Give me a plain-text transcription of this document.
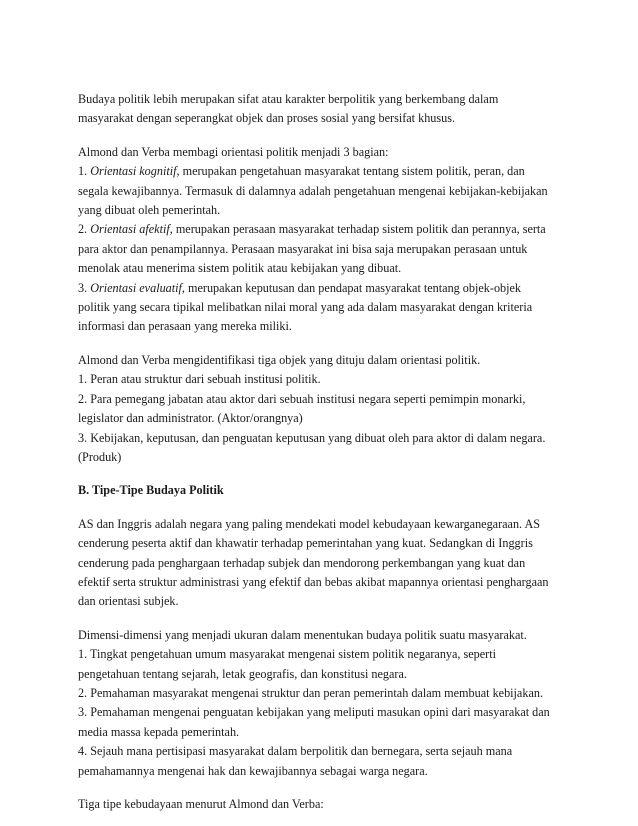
Budaya politik lebih merupakan sifat atau karakter berpolitik yang berkembang dalam
masyarakat dengan seperangkat objek dan proses sosial yang bersifat khusus.

Almond dan Verba membagi orientasi politik menjadi 3 bagian:
1. Orientasi kognitif, merupakan pengetahuan masyarakat tentang sistem politik, peran, dan
segala kewajibannya. Termasuk di dalamnya adalah pengetahuan mengenai kebijakan-kebijakan
yang dibuat oleh pemerintah.
2. Orientasi afektif, merupakan perasaan masyarakat terhadap sistem politik dan perannya, serta
para aktor dan penampilannya. Perasaan masyarakat ini bisa saja merupakan perasaan untuk
menolak atau menerima sistem politik atau kebijakan yang dibuat.
3. Orientasi evaluatif, merupakan keputusan dan pendapat masyarakat tentang objek-objek
politik yang secara tipikal melibatkan nilai moral yang ada dalam masyarakat dengan kriteria
informasi dan perasaan yang mereka miliki.

Almond dan Verba mengidentifikasi tiga objek yang dituju dalam orientasi politik.
1. Peran atau struktur dari sebuah institusi politik.
2. Para pemegang jabatan atau aktor dari sebuah institusi negara seperti pemimpin monarki,
legislator dan administrator. (Aktor/orangnya)
3. Kebijakan, keputusan, dan penguatan keputusan yang dibuat oleh para aktor di dalam negara.
(Produk)

B. Tipe-Tipe Budaya Politik

AS dan Inggris adalah negara yang paling mendekati model kebudayaan kewarganegaraan. AS
cenderung peserta aktif dan khawatir terhadap pemerintahan yang kuat. Sedangkan di Inggris
cenderung pada penghargaan terhadap subjek dan mendorong perkembangan yang kuat dan
efektif serta struktur administrasi yang efektif dan bebas akibat mapannya orientasi penghargaan
dan orientasi subjek.

Dimensi-dimensi yang menjadi ukuran dalam menentukan budaya politik suatu masyarakat.
1. Tingkat pengetahuan umum masyarakat mengenai sistem politik negaranya, seperti
pengetahuan tentang sejarah, letak geografis, dan konstitusi negara.
2. Pemahaman masyarakat mengenai struktur dan peran pemerintah dalam membuat kebijakan.
3. Pemahaman mengenai penguatan kebijakan yang meliputi masukan opini dari masyarakat dan
media massa kepada pemerintah.
4. Sejauh mana pertisipasi masyarakat dalam berpolitik dan bernegara, serta sejauh mana
pemahamannya mengenai hak dan kewajibannya sebagai warga negara.

Tiga tipe kebudayaan menurut Almond dan Verba:
